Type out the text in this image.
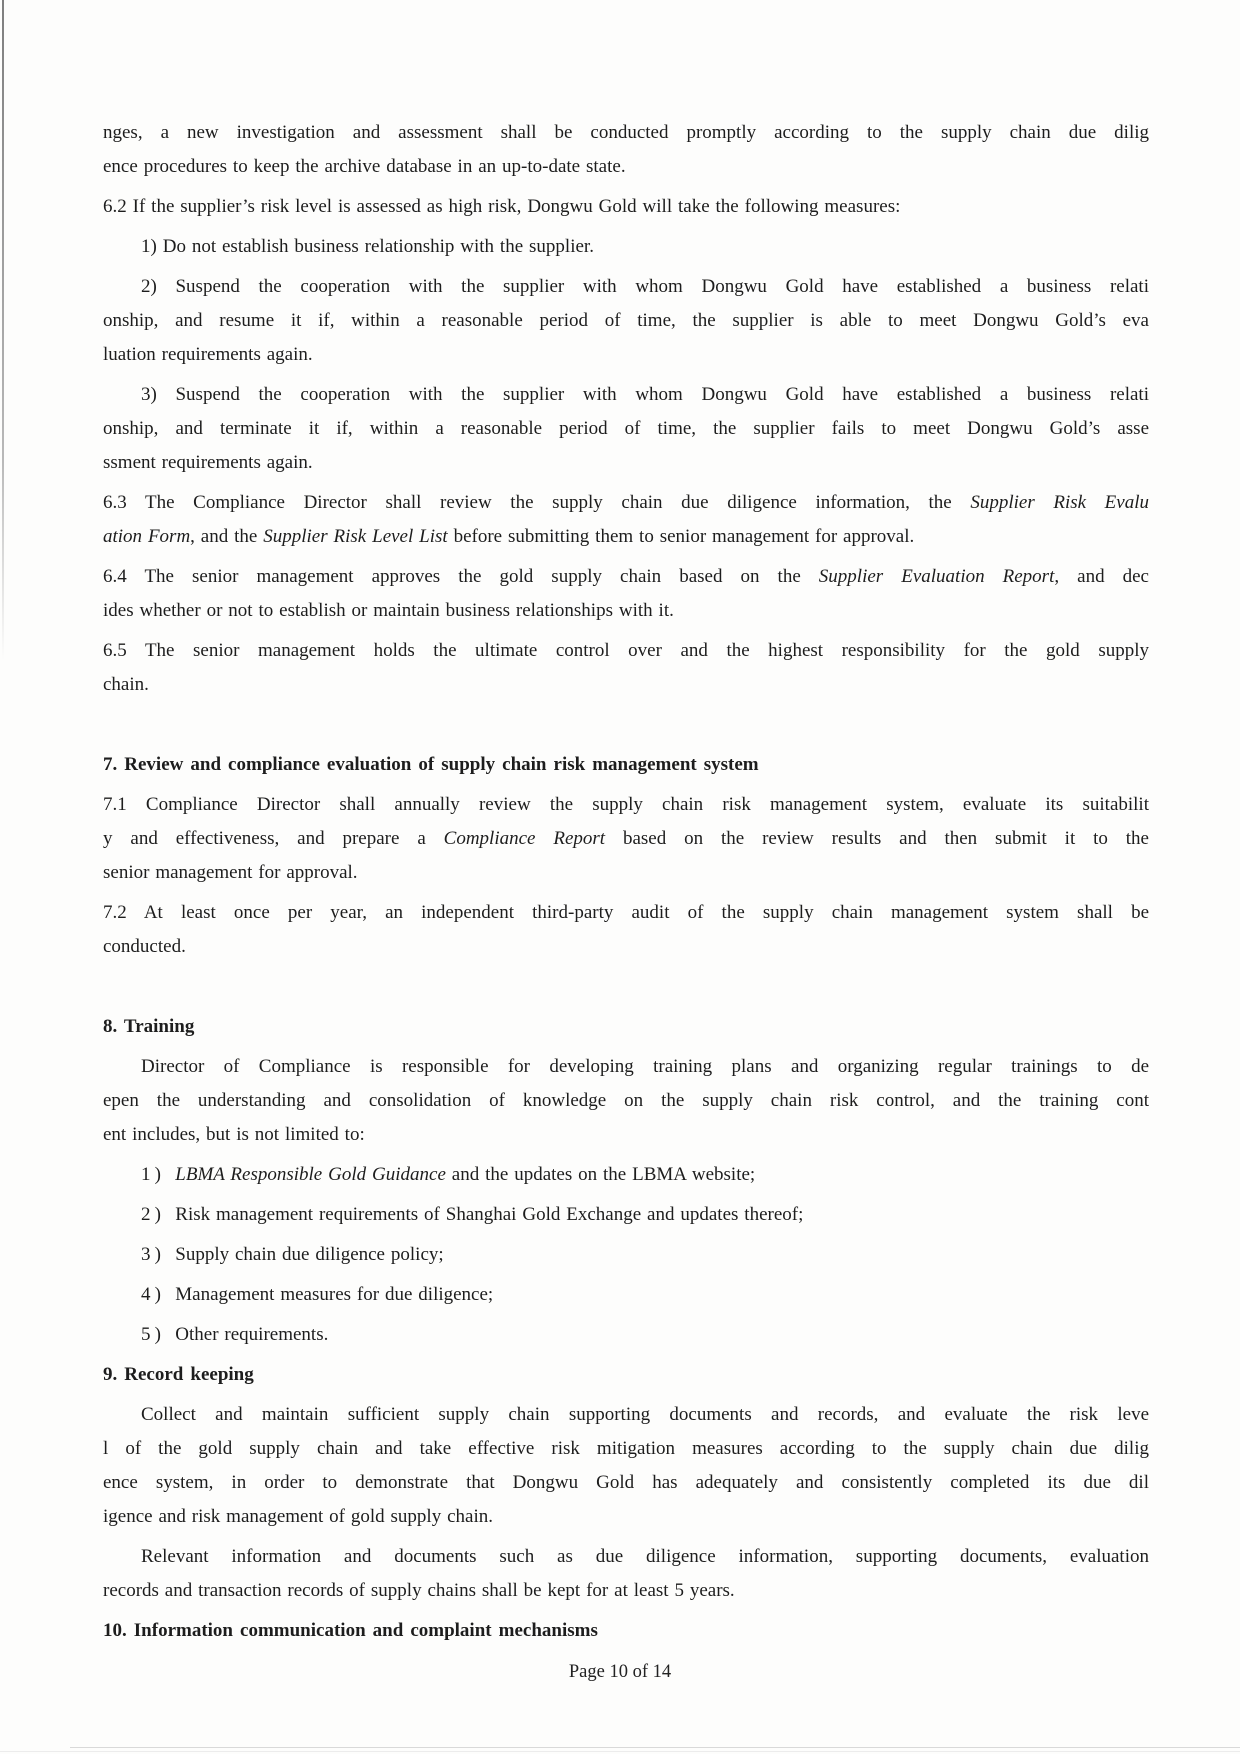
nges, a new investigation and assessment shall be conducted promptly according to the supply chain due dilig
ence procedures to keep the archive database in an up-to-date state.
6.2 If the supplier’s risk level is assessed as high risk, Dongwu Gold will take the following measures:
1) Do not establish business relationship with the supplier.
2) Suspend the cooperation with the supplier with whom Dongwu Gold have established a business relati
onship, and resume it if, within a reasonable period of time, the supplier is able to meet Dongwu Gold’s eva
luation requirements again.
3) Suspend the cooperation with the supplier with whom Dongwu Gold have established a business relati
onship, and terminate it if, within a reasonable period of time, the supplier fails to meet Dongwu Gold’s asse
ssment requirements again.
6.3 The Compliance Director shall review the supply chain due diligence information, the Supplier Risk Evalu
ation Form, and the Supplier Risk Level List before submitting them to senior management for approval.
6.4 The senior management approves the gold supply chain based on the Supplier Evaluation Report, and dec
ides whether or not to establish or maintain business relationships with it.
6.5 The senior management holds the ultimate control over and the highest responsibility for the gold supply
chain.
7. Review and compliance evaluation of supply chain risk management system
7.1 Compliance Director shall annually review the supply chain risk management system, evaluate its suitabilit
y and effectiveness, and prepare a Compliance Report based on the review results and then submit it to the
senior management for approval.
7.2 At least once per year, an independent third-party audit of the supply chain management system shall be
conducted.
8. Training
Director of Compliance is responsible for developing training plans and organizing regular trainings to de
epen the understanding and consolidation of knowledge on the supply chain risk control, and the training cont
ent includes, but is not limited to:
1) LBMA Responsible Gold Guidance and the updates on the LBMA website;
2) Risk management requirements of Shanghai Gold Exchange and updates thereof;
3) Supply chain due diligence policy;
4) Management measures for due diligence;
5) Other requirements.
9. Record keeping
Collect and maintain sufficient supply chain supporting documents and records, and evaluate the risk leve
l of the gold supply chain and take effective risk mitigation measures according to the supply chain due dilig
ence system, in order to demonstrate that Dongwu Gold has adequately and consistently completed its due dil
igence and risk management of gold supply chain.
Relevant information and documents such as due diligence information, supporting documents, evaluation
records and transaction records of supply chains shall be kept for at least 5 years.
10. Information communication and complaint mechanisms
Page 10 of 14
